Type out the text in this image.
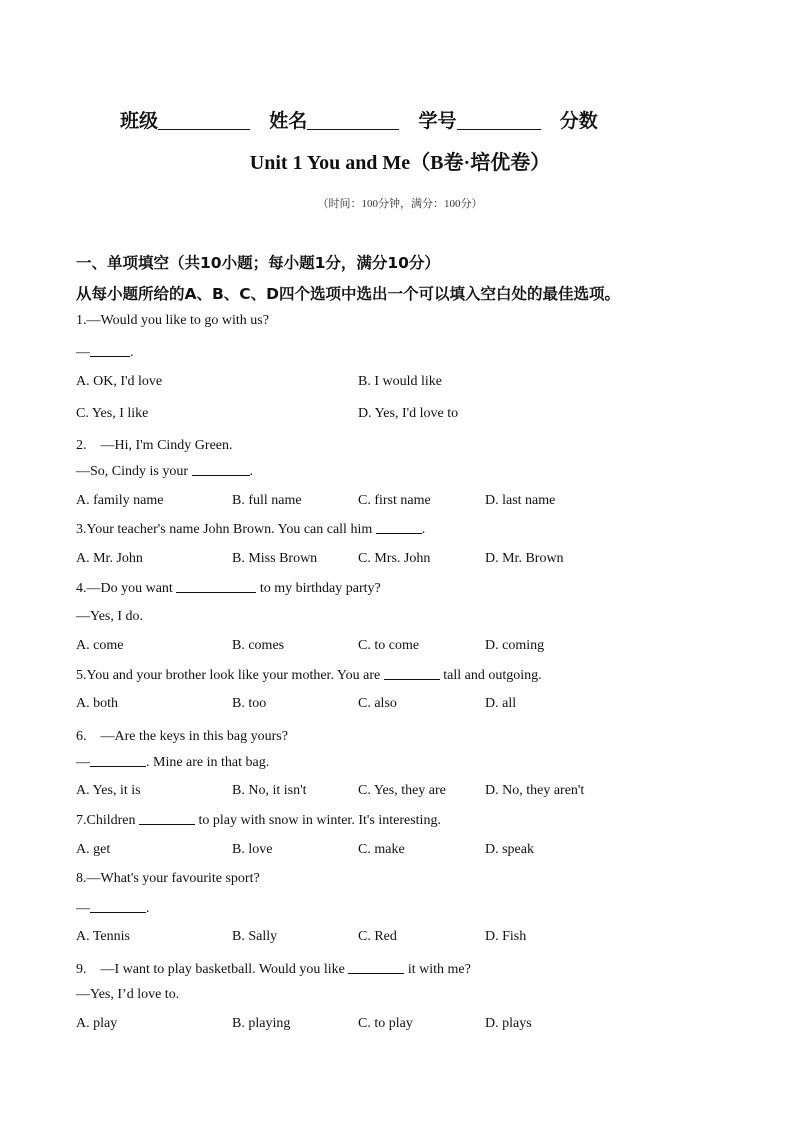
班级	姓名	学号	分数
Unit 1 You and Me（B卷·培优卷）
（时间：100分钟，满分：100分）
一、单项填空（共10小题；每小题1分，满分10分）
从每小题所给的A、B、C、D四个选项中选出一个可以填入空白处的最佳选项。
1.—Would you like to go with us?
—	.
A. OK, I'd love	B. I would like
C. Yes, I like	D. Yes, I'd love to
2.　—Hi, I'm Cindy Green.
—So, Cindy is your	.
A. family name	B. full name	C. first name	D. last name
3.Your teacher's name John Brown. You can call him	.
A. Mr. John	B. Miss Brown	C. Mrs. John	D. Mr. Brown
4.—Do you want	to my birthday party?
—Yes, I do.
A. come	B. comes	C. to come	D. coming
5.You and your brother look like your mother. You are	tall and outgoing.
A. both	B. too	C. also	D. all
6.　—Are the keys in this bag yours?
—	. Mine are in that bag.
A. Yes, it is	B. No, it isn't	C. Yes, they are	D. No, they aren't
7.Children	to play with snow in winter. It's interesting.
A. get	B. love	C. make	D. speak
8.—What's your favourite sport?
—	.
A. Tennis	B. Sally	C. Red	D. Fish
9.　—I want to play basketball. Would you like	it with me?
—Yes, I’d love to.
A. play	B. playing	C. to play	D. plays
